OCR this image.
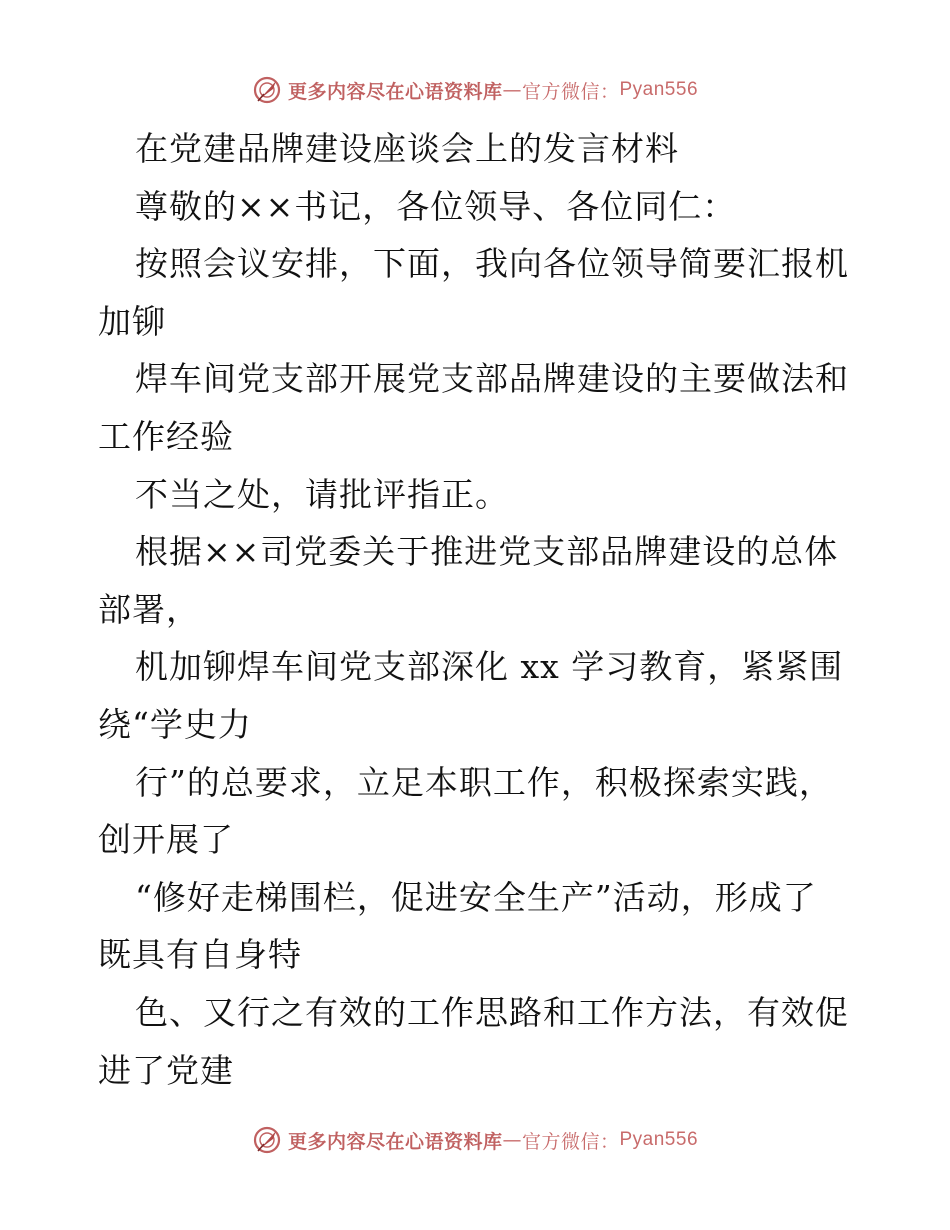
更多内容尽在心语资料库 — 官方微信： Pyan556
在党建品牌建设座谈会上的发言材料
尊敬的××书记，各位领导、各位同仁：
按照会议安排，下面，我向各位领导简要汇报机
加铆
焊车间党支部开展党支部品牌建设的主要做法和
工作经验
不当之处，请批评指正。
根据××司党委关于推进党支部品牌建设的总体
部署，
机加铆焊车间党支部深化 xx 学习教育，紧紧围
绕“学史力
行”的总要求，立足本职工作，积极探索实践，
创开展了
“修好走梯围栏，促进安全生产”活动，形成了
既具有自身特
色、又行之有效的工作思路和工作方法，有效促
进了党建
更多内容尽在心语资料库 — 官方微信： Pyan556
